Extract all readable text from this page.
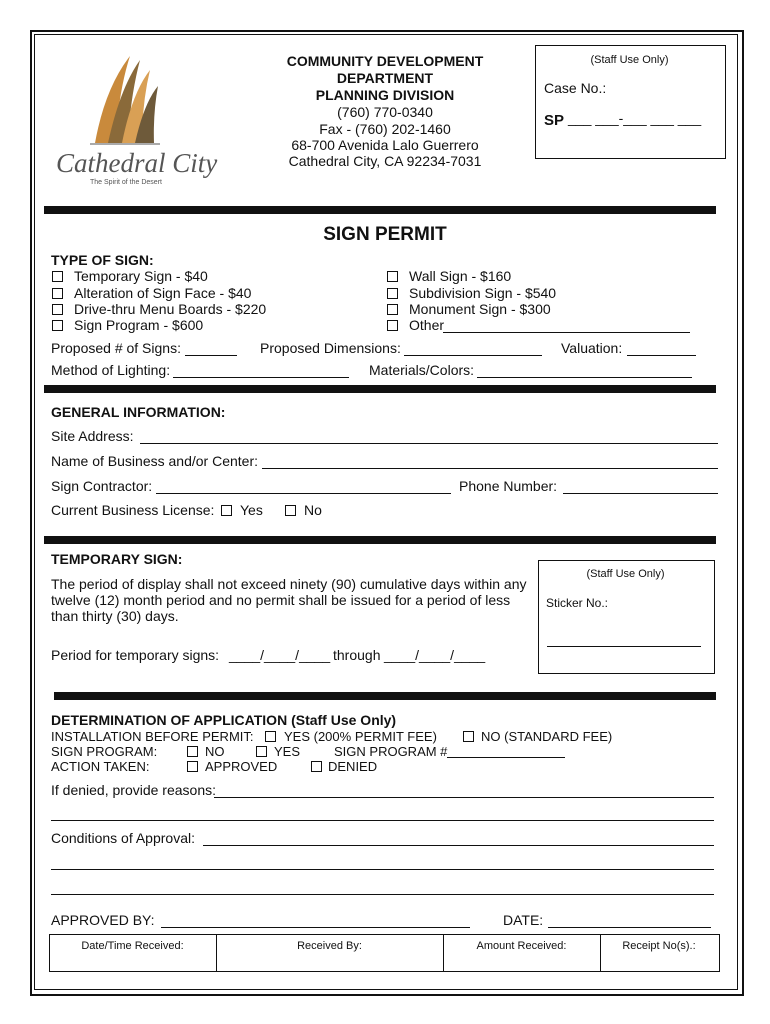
Cathedral City
The Spirit of the Desert
COMMUNITY DEVELOPMENT
DEPARTMENT
PLANNING DIVISION
(760) 770-0340
Fax - (760) 202-1460
68-700 Avenida Lalo Guerrero
Cathedral City, CA 92234-7031
(Staff Use Only)
Case No.:
SP ___ ___-___ ___ ___
SIGN PERMIT
TYPE OF SIGN:
Temporary Sign - $40
Alteration of Sign Face - $40
Drive-thru Menu Boards - $220
Sign Program - $600
Wall Sign - $160
Subdivision Sign - $540
Monument Sign - $300
Other
Proposed # of Signs:	Proposed Dimensions:	Valuation:
Method of Lighting:	Materials/Colors:
GENERAL INFORMATION:
Site Address:
Name of Business and/or Center:
Sign Contractor:	Phone Number:
Current Business License: Yes	No
TEMPORARY SIGN:
The period of display shall not exceed ninety (90) cumulative days within any
twelve (12) month period and no permit shall be issued for a period of less
than thirty (30) days.
Period for temporary signs: ____/____/____ through ____/____/____
(Staff Use Only)
Sticker No.:
DETERMINATION OF APPLICATION (Staff Use Only)
INSTALLATION BEFORE PERMIT: YES (200% PERMIT FEE)	NO (STANDARD FEE)
SIGN PROGRAM:	NO	YES	SIGN PROGRAM #
ACTION TAKEN:	APPROVED	DENIED
If denied, provide reasons:
Conditions of Approval:
APPROVED BY:	DATE:
Date/Time Received:	Received By:	Amount Received:	Receipt No(s).:
